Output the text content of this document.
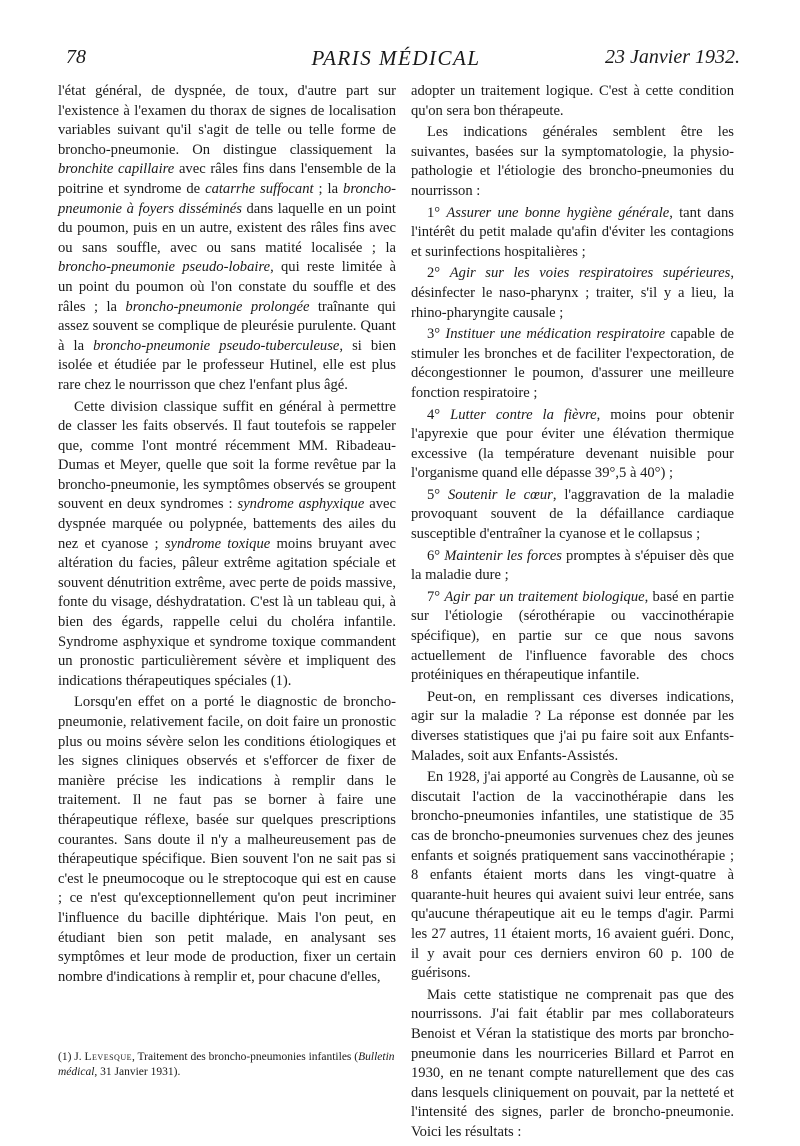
78	PARIS MÉDICAL	23 Janvier 1932.

l'état général, de dyspnée, de toux, d'autre part sur l'existence à l'examen du thorax de signes de localisation variables suivant qu'il s'agit de telle ou telle forme de broncho-pneumonie. On distingue classiquement la bronchite capillaire avec râles fins dans l'ensemble de la poitrine et syndrome de catarrhe suffocant ; la broncho-pneumonie à foyers disséminés dans laquelle en un point du poumon, puis en un autre, existent des râles fins avec ou sans souffle, avec ou sans matité localisée ; la broncho-pneumonie pseudo-lobaire, qui reste limitée à un point du poumon où l'on constate du souffle et des râles ; la broncho-pneumonie prolongée traînante qui assez souvent se complique de pleurésie purulente. Quant à la broncho-pneumonie pseudo-tuberculeuse, si bien isolée et étudiée par le professeur Hutinel, elle est plus rare chez le nourrisson que chez l'enfant plus âgé.

Cette division classique suffit en général à permettre de classer les faits observés. Il faut toutefois se rappeler que, comme l'ont montré récemment MM. Ribadeau-Dumas et Meyer, quelle que soit la forme revêtue par la broncho-pneumonie, les symptômes observés se groupent souvent en deux syndromes : syndrome asphyxique avec dyspnée marquée ou polypnée, battements des ailes du nez et cyanose ; syndrome toxique moins bruyant avec altération du facies, pâleur extrême agitation spéciale et souvent dénutrition extrême, avec perte de poids massive, fonte du visage, déshydratation. C'est là un tableau qui, à bien des égards, rappelle celui du choléra infantile. Syndrome asphyxique et syndrome toxique commandent un pronostic particulièrement sévère et impliquent des indications thérapeutiques spéciales (1).

Lorsqu'en effet on a porté le diagnostic de broncho-pneumonie, relativement facile, on doit faire un pronostic plus ou moins sévère selon les conditions étiologiques et les signes cliniques observés et s'efforcer de fixer de manière précise les indications à remplir dans le traitement. Il ne faut pas se borner à faire une thérapeutique réflexe, basée sur quelques prescriptions courantes. Sans doute il n'y a malheureusement pas de thérapeutique spécifique. Bien souvent l'on ne sait pas si c'est le pneumocoque ou le streptocoque qui est en cause ; ce n'est qu'exceptionnellement qu'on peut incriminer l'influence du bacille diphtérique. Mais l'on peut, en étudiant bien son petit malade, en analysant ses symptômes et leur mode de production, fixer un certain nombre d'indications à remplir et, pour chacune d'elles,

(1) J. Levesque, Traitement des broncho-pneumonies infantiles (Bulletin médical, 31 Janvier 1931).

adopter un traitement logique. C'est à cette condition qu'on sera bon thérapeute.

Les indications générales semblent être les suivantes, basées sur la symptomatologie, la physio-pathologie et l'étiologie des broncho-pneumonies du nourrisson :

1° Assurer une bonne hygiène générale, tant dans l'intérêt du petit malade qu'afin d'éviter les contagions et surinfections hospitalières ;

2° Agir sur les voies respiratoires supérieures, désinfecter le naso-pharynx ; traiter, s'il y a lieu, la rhino-pharyngite causale ;

3° Instituer une médication respiratoire capable de stimuler les bronches et de faciliter l'expectoration, de décongestionner le poumon, d'assurer une meilleure fonction respiratoire ;

4° Lutter contre la fièvre, moins pour obtenir l'apyrexie que pour éviter une élévation thermique excessive (la température devenant nuisible pour l'organisme quand elle dépasse 39°,5 à 40°) ;

5° Soutenir le cœur, l'aggravation de la maladie provoquant souvent de la défaillance cardiaque susceptible d'entraîner la cyanose et le collapsus ;

6° Maintenir les forces promptes à s'épuiser dès que la maladie dure ;

7° Agir par un traitement biologique, basé en partie sur l'étiologie (sérothérapie ou vaccinothérapie spécifique), en partie sur ce que nous savons actuellement de l'influence favorable des chocs protéiniques en thérapeutique infantile.

Peut-on, en remplissant ces diverses indications, agir sur la maladie ? La réponse est donnée par les diverses statistiques que j'ai pu faire soit aux Enfants-Malades, soit aux Enfants-Assistés.

En 1928, j'ai apporté au Congrès de Lausanne, où se discutait l'action de la vaccinothérapie dans les broncho-pneumonies infantiles, une statistique de 35 cas de broncho-pneumonies survenues chez des jeunes enfants et soignés pratiquement sans vaccinothérapie ; 8 enfants étaient morts dans les vingt-quatre à quarante-huit heures qui avaient suivi leur entrée, sans qu'aucune thérapeutique ait eu le temps d'agir. Parmi les 27 autres, 11 étaient morts, 16 avaient guéri. Donc, il y avait pour ces derniers environ 60 p. 100 de guérisons.

Mais cette statistique ne comprenait pas que des nourrissons. J'ai fait établir par mes collaborateurs Benoist et Véran la statistique des morts par broncho-pneumonie dans les nourriceries Billard et Parrot en 1930, en ne tenant compte naturellement que des cas dans lesquels cliniquement on pouvait, par la netteté et l'intensité des signes, parler de broncho-pneumonie. Voici les résultats :
